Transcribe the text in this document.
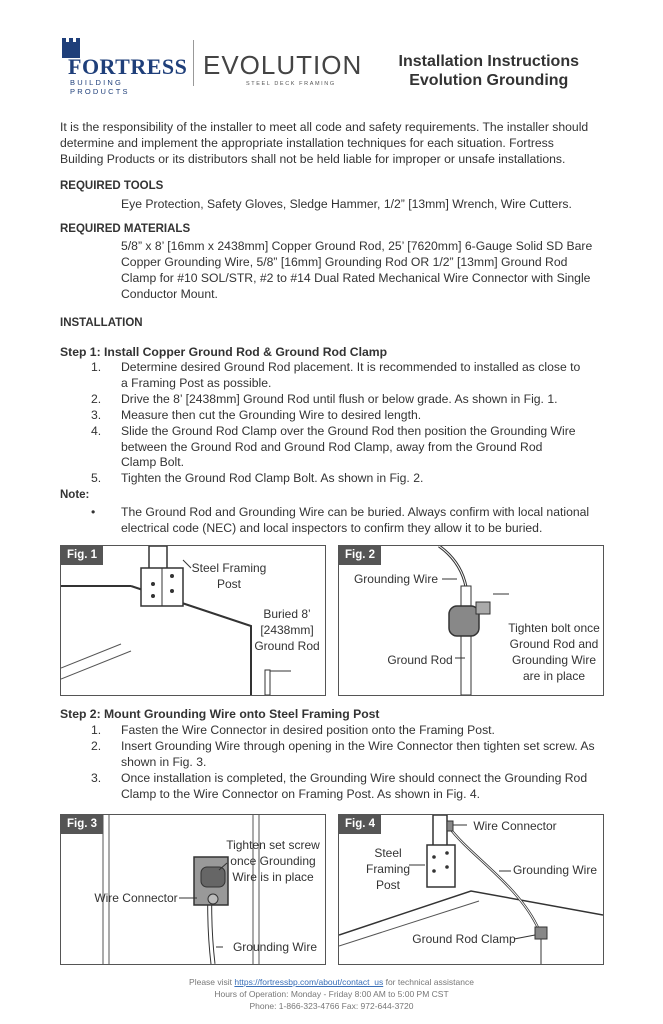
FORTRESS
BUILDING PRODUCTS
EVOLUTION
STEEL DECK FRAMING
Installation Instructions
Evolution Grounding
It is the responsibility of the installer to meet all code and safety requirements. The installer should determine and implement the appropriate installation techniques for each situation. Fortress Building Products or its distributors shall not be held liable for improper or unsafe installations.
REQUIRED TOOLS
Eye Protection, Safety Gloves, Sledge Hammer, 1/2” [13mm] Wrench, Wire Cutters.
REQUIRED MATERIALS
5/8” x 8’ [16mm x 2438mm] Copper Ground Rod, 25’ [7620mm] 6-Gauge Solid SD Bare
Copper Grounding Wire, 5/8” [16mm] Grounding Rod OR 1/2” [13mm] Ground Rod
Clamp for #10 SOL/STR, #2 to #14 Dual Rated Mechanical Wire Connector with Single
Conductor Mount.
INSTALLATION
Step 1: Install Copper Ground Rod & Ground Rod Clamp
1. Determine desired Ground Rod placement. It is recommended to installed as close to
a Framing Post as possible.
2. Drive the 8’ [2438mm] Ground Rod until flush or below grade. As shown in Fig. 1.
3. Measure then cut the Grounding Wire to desired length.
4. Slide the Ground Rod Clamp over the Ground Rod then position the Grounding Wire
between the Ground Rod and Ground Rod Clamp, away from the Ground Rod
Clamp Bolt.
5. Tighten the Ground Rod Clamp Bolt. As shown in Fig. 2.
Note:
• The Ground Rod and Grounding Wire can be buried. Always confirm with local national
electrical code (NEC) and local inspectors to confirm they allow it to be buried.
Fig. 1
Steel Framing
Post
Buried 8’
[2438mm]
Ground Rod
Fig. 2
Grounding Wire
Ground Rod
Tighten bolt once
Ground Rod and
Grounding Wire
are in place
Step 2: Mount Grounding Wire onto Steel Framing Post
1. Fasten the Wire Connector in desired position onto the Framing Post.
2. Insert Grounding Wire through opening in the Wire Connector then tighten set screw. As
shown in Fig. 3.
3. Once installation is completed, the Grounding Wire should connect the Grounding Rod
Clamp to the Wire Connector on Framing Post. As shown in Fig. 4.
Fig. 3
Tighten set screw
once Grounding
Wire is in place
Wire Connector
Grounding Wire
Fig. 4	Wire Connector
Steel
Framing
Post
Grounding Wire
Ground Rod Clamp
Please visit https://fortressbp.com/about/contact_us for technical assistance
Hours of Operation: Monday - Friday 8:00 AM to 5:00 PM CST
Phone: 1-866-323-4766 Fax: 972-644-3720
